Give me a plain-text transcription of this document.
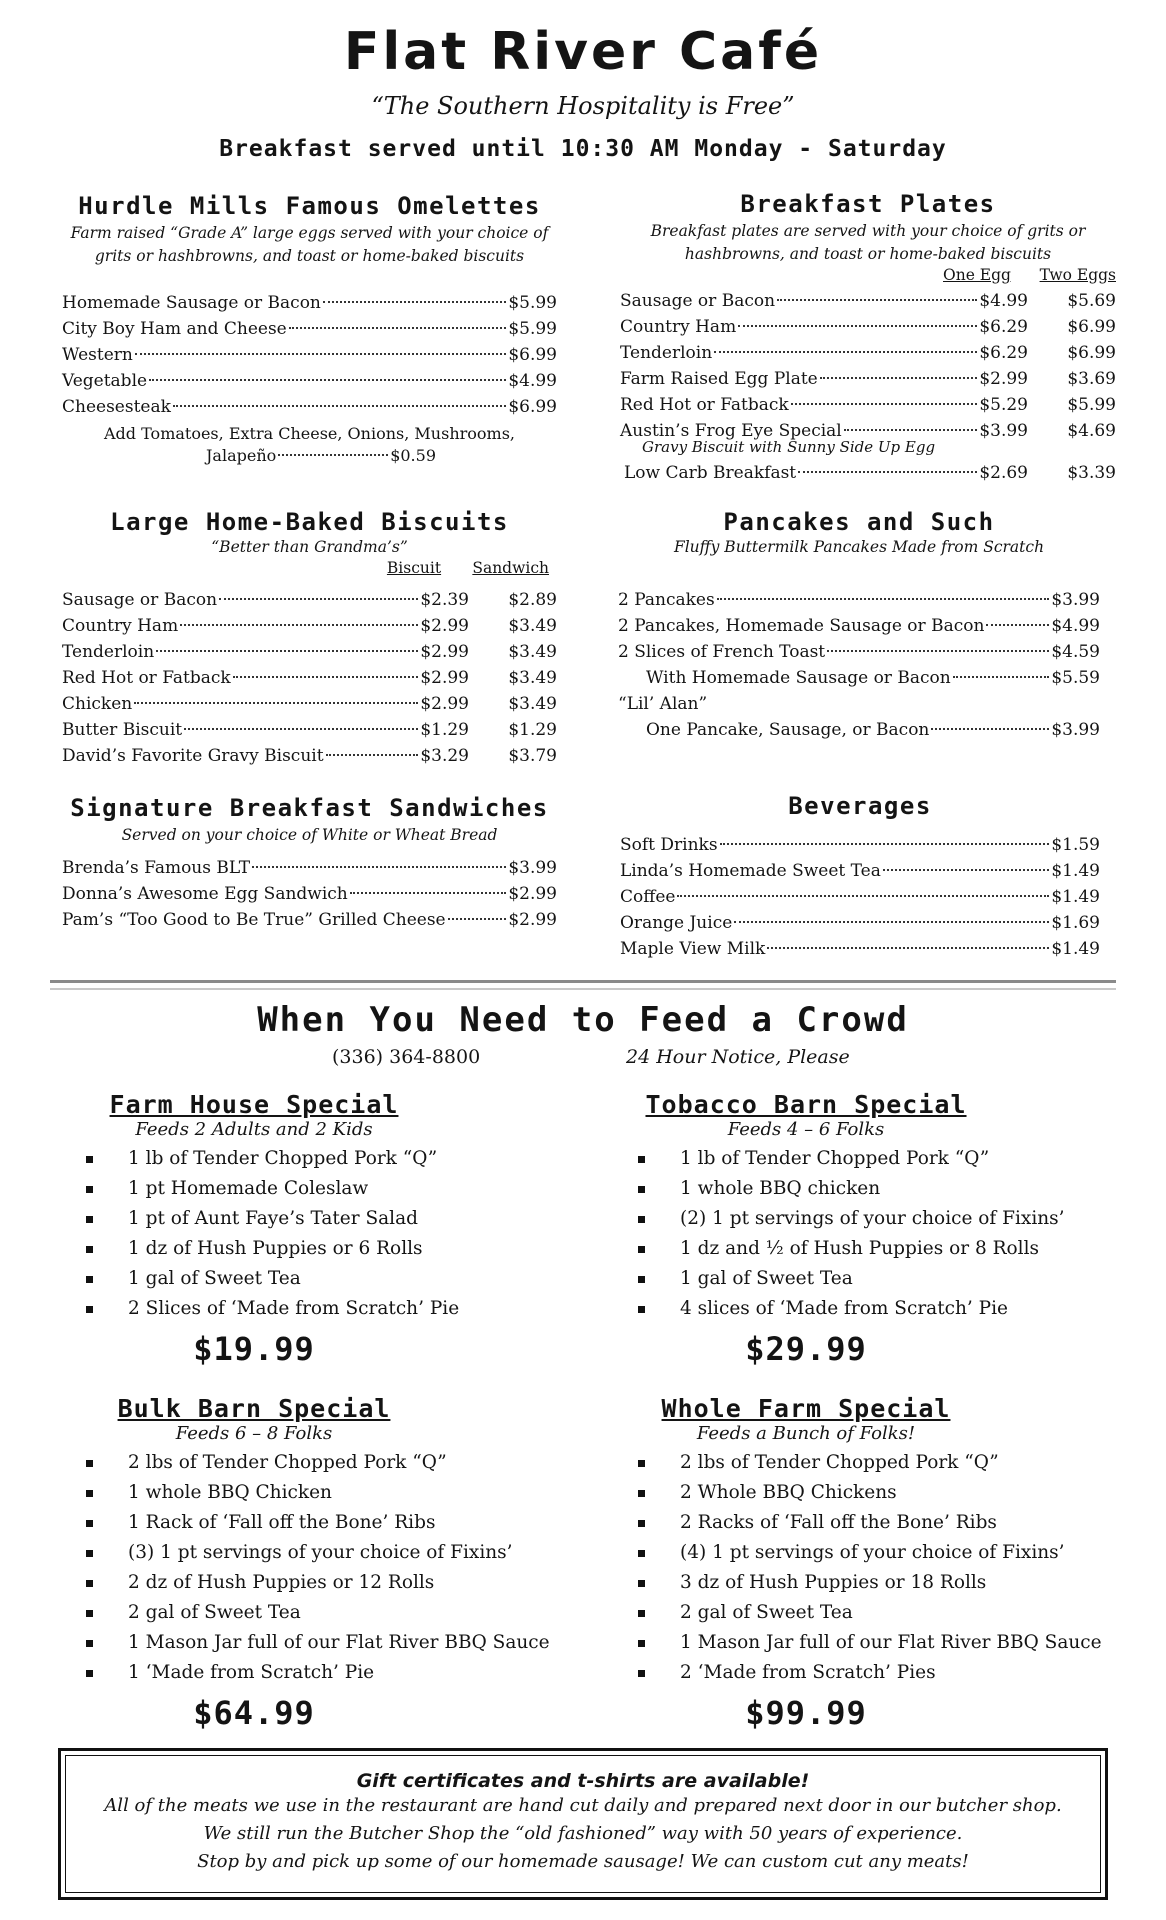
Flat River Café
“The Southern Hospitality is Free”
Breakfast served until 10:30 AM Monday - Saturday
Hurdle Mills Famous Omelettes
Farm raised “Grade A” large eggs served with your choice of
grits or hashbrowns, and toast or home-baked biscuits
Homemade Sausage or Bacon	$5.99
City Boy Ham and Cheese	$5.99
Western	$6.99
Vegetable	$4.99
Cheesesteak	$6.99
Add Tomatoes, Extra Cheese, Onions, Mushrooms,
Jalapeño	$0.59
Breakfast Plates
Breakfast plates are served with your choice of grits or
hashbrowns, and toast or home-baked biscuits
One Egg	Two Eggs
Sausage or Bacon	$4.99	$5.69
Country Ham	$6.29	$6.99
Tenderloin	$6.29	$6.99
Farm Raised Egg Plate	$2.99	$3.69
Red Hot or Fatback	$5.29	$5.99
Austin’s Frog Eye Special	$3.99	$4.69
Gravy Biscuit with Sunny Side Up Egg
Low Carb Breakfast	$2.69	$3.39
Large Home-Baked Biscuits
“Better than Grandma’s”
Biscuit	Sandwich
Sausage or Bacon	$2.39	$2.89
Country Ham	$2.99	$3.49
Tenderloin	$2.99	$3.49
Red Hot or Fatback	$2.99	$3.49
Chicken	$2.99	$3.49
Butter Biscuit	$1.29	$1.29
David’s Favorite Gravy Biscuit	$3.29	$3.79
Pancakes and Such
Fluffy Buttermilk Pancakes Made from Scratch
2 Pancakes	$3.99
2 Pancakes, Homemade Sausage or Bacon	$4.99
2 Slices of French Toast	$4.59
With Homemade Sausage or Bacon	$5.59
“Lil’ Alan”
One Pancake, Sausage, or Bacon	$3.99
Signature Breakfast Sandwiches
Served on your choice of White or Wheat Bread
Brenda’s Famous BLT	$3.99
Donna’s Awesome Egg Sandwich	$2.99
Pam’s “Too Good to Be True” Grilled Cheese	$2.99
Beverages
Soft Drinks	$1.59
Linda’s Homemade Sweet Tea	$1.49
Coffee	$1.49
Orange Juice	$1.69
Maple View Milk	$1.49
When You Need to Feed a Crowd
(336) 364-8800	24 Hour Notice, Please
Farm House Special
Feeds 2 Adults and 2 Kids
1 lb of Tender Chopped Pork “Q”
1 pt Homemade Coleslaw
1 pt of Aunt Faye’s Tater Salad
1 dz of Hush Puppies or 6 Rolls
1 gal of Sweet Tea
2 Slices of ‘Made from Scratch’ Pie
$19.99
Tobacco Barn Special
Feeds 4 – 6 Folks
1 lb of Tender Chopped Pork “Q”
1 whole BBQ chicken
(2) 1 pt servings of your choice of Fixins’
1 dz and ½ of Hush Puppies or 8 Rolls
1 gal of Sweet Tea
4 slices of ‘Made from Scratch’ Pie
$29.99
Bulk Barn Special
Feeds 6 – 8 Folks
2 lbs of Tender Chopped Pork “Q”
1 whole BBQ Chicken
1 Rack of ‘Fall off the Bone’ Ribs
(3) 1 pt servings of your choice of Fixins’
2 dz of Hush Puppies or 12 Rolls
2 gal of Sweet Tea
1 Mason Jar full of our Flat River BBQ Sauce
1 ‘Made from Scratch’ Pie
$64.99
Whole Farm Special
Feeds a Bunch of Folks!
2 lbs of Tender Chopped Pork “Q”
2 Whole BBQ Chickens
2 Racks of ‘Fall off the Bone’ Ribs
(4) 1 pt servings of your choice of Fixins’
3 dz of Hush Puppies or 18 Rolls
2 gal of Sweet Tea
1 Mason Jar full of our Flat River BBQ Sauce
2 ‘Made from Scratch’ Pies
$99.99
Gift certificates and t-shirts are available!
All of the meats we use in the restaurant are hand cut daily and prepared next door in our butcher shop.
We still run the Butcher Shop the “old fashioned” way with 50 years of experience.
Stop by and pick up some of our homemade sausage! We can custom cut any meats!
